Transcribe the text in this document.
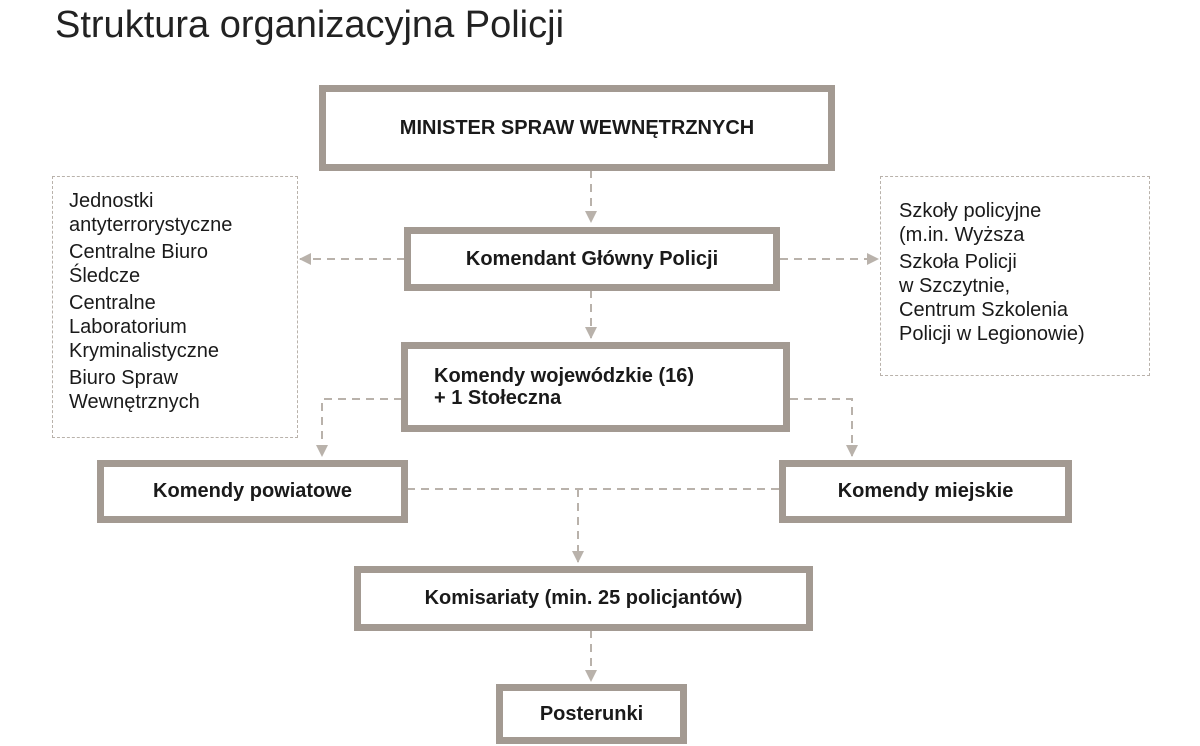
Struktura organizacyjna Policji
MINISTER SPRAW WEWNĘTRZNYCH
Komendant Główny Policji
Komendy wojewódzkie (16)
+ 1 Stołeczna
Komendy powiatowe	Komendy miejskie
Komisariaty (min. 25 policjantów)
Posterunki

Jednostki
antyterrorystyczne

Centralne Biuro
Śledcze

Centralne
Laboratorium
Kryminalistyczne

Biuro Spraw
Wewnętrznych

Szkoły policyjne
(m.in. Wyższa

Szkoła Policji
w Szczytnie,
Centrum Szkolenia
Policji w Legionowie)
